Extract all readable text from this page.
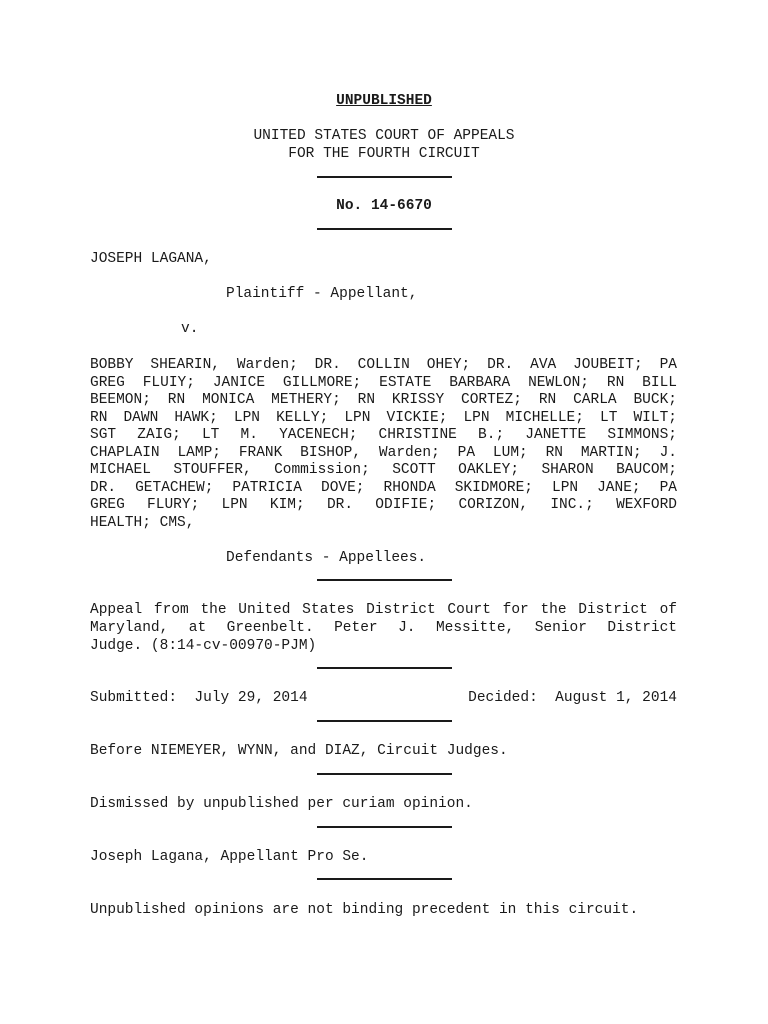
UNPUBLISHED
UNITED STATES COURT OF APPEALS
FOR THE FOURTH CIRCUIT
No. 14-6670
JOSEPH LAGANA,
Plaintiff - Appellant,
v.
BOBBY SHEARIN, Warden; DR. COLLIN OHEY; DR. AVA JOUBEIT; PA
GREG FLUIY; JANICE GILLMORE; ESTATE BARBARA NEWLON; RN BILL
BEEMON; RN MONICA METHERY; RN KRISSY CORTEZ; RN CARLA BUCK;
RN DAWN HAWK; LPN KELLY; LPN VICKIE; LPN MICHELLE; LT WILT;
SGT ZAIG; LT M. YACENECH; CHRISTINE B.; JANETTE SIMMONS;
CHAPLAIN LAMP; FRANK BISHOP, Warden; PA LUM; RN MARTIN; J.
MICHAEL STOUFFER, Commission; SCOTT OAKLEY; SHARON BAUCOM;
DR. GETACHEW; PATRICIA DOVE; RHONDA SKIDMORE; LPN JANE; PA
GREG FLURY; LPN KIM; DR. ODIFIE; CORIZON, INC.; WEXFORD
HEALTH; CMS,
Defendants - Appellees.
Appeal from the United States District Court for the District of
Maryland, at Greenbelt. Peter J. Messitte, Senior District
Judge. (8:14-cv-00970-PJM)
Submitted:  July 29, 2014	Decided:  August 1, 2014
Before NIEMEYER, WYNN, and DIAZ, Circuit Judges.
Dismissed by unpublished per curiam opinion.
Joseph Lagana, Appellant Pro Se.
Unpublished opinions are not binding precedent in this circuit.
